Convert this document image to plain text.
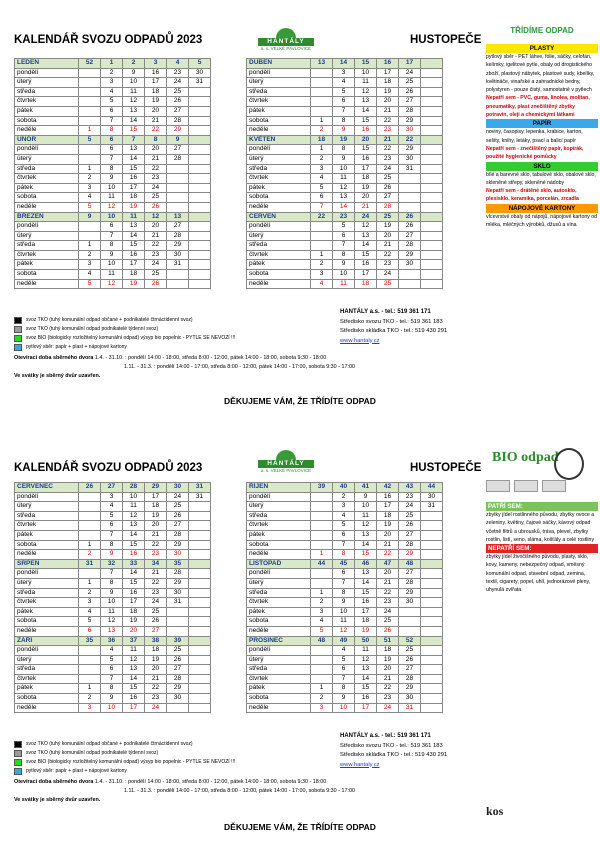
KALENDÁŘ SVOZU ODPADŮ 2023	HANTÁLY
a. s. VELKÉ PAVLOVICE
HUSTOPEČE
TŘÍDÍME ODPAD
LEDEN	52	1	2	3	4	5
pondělí		2	9	16	23	30
úterý		3	10	17	24	31
středa		4	11	18	25	
čtvrtek		5	12	19	26	
pátek		6	13	20	27	
sobota		7	14	21	28	
neděle	1	8	15	22	29	
ÚNOR	5	6	7	8	9	
pondělí		6	13	20	27	
úterý		7	14	21	28	
středa	1	8	15	22		
čtvrtek	2	9	16	23		
pátek	3	10	17	24		
sobota	4	11	18	25		
neděle	5	12	19	26		
BŘEZEN	9	10	11	12	13	
pondělí		6	13	20	27	
úterý		7	14	21	28	
středa	1	8	15	22	29	
čtvrtek	2	9	16	23	30	
pátek	3	10	17	24	31	
sobota	4	11	18	25		
neděle	5	12	19	26		
DUBEN	13	14	15	16	17	
pondělí		3	10	17	24	
úterý		4	11	18	25	
středa		5	12	19	26	
čtvrtek		6	13	20	27	
pátek		7	14	21	28	
sobota	1	8	15	22	29	
neděle	2	9	16	23	30	
KVĚTEN	18	19	20	21	22	
pondělí	1	8	15	22	29	
úterý	2	9	16	23	30	
středa	3	10	17	24	31	
čtvrtek	4	11	18	25		
pátek	5	12	19	26		
sobota	6	13	20	27		
neděle	7	14	21	28		
ČERVEN	22	23	24	25	26	
pondělí		5	12	19	26	
úterý		6	13	20	27	
středa		7	14	21	28	
čtvrtek	1	8	15	22	29	
pátek	2	9	16	23	30	
sobota	3	10	17	24		
neděle	4	11	18	25		
PLASTY
pytlový sběr - PET láhve, fólie, sáčky, celofán, kelímky, igelitové pytle, obaly od drogistického zboží, plastový nábytek, plastové sudy, kbelíky, květináče, vinařské a zahradnické bedny, polystyren - pouze čistý, samostatně v pytlech
Nepatří sem - PVC, guma, linolea, molitan, pneumatiky, plast znečištěný zbytky potravin, oleji a chemickými látkami
PAPÍR
noviny, časopisy, lepenka, krabice, karton, sešity, knihy, letáky, psací a balicí papír
Nepatří sem - znečištěný papír, kopírák, použité hygienické pomůcky
SKLO
bílé a barevné sklo, tabulové sklo, obalové sklo, skleněné střepy, skleněné nádoby
Nepatří sem - drátěné sklo, autosklo, plexisklo, keramika, porcelán, zrcadla
NÁPOJOVÉ KARTONY
vícevrstvé obaly od nápojů, nápojové kartony od mléka, mléčných výrobků, džusů a vína
svoz TKO (tuhý komunální odpad občané + podnikatelé čtrnáctidenní svoz)
svoz TKO (tuhý komunální odpad podnikatelé týdenní svoz)
svoz BIO (biologicky rozložitelný komunální odpad) výsyp bio popelnic - PYTLE SE NEVOZÍ !!!
pytlový sběr: papír + plast + nápojové kartony
HANTÁLY a.s. - tel.: 519 361 171
Středisko svozu TKO - tel.: 519 361 183
Středisko skládka TKO - tel.: 519 430 291
www.hantaly.cz
Otevírací doba sběrného dvora 1.4. - 31.10. : pondělí 14:00 - 18:00, středa 8:00 - 12:00, pátek 14:00 - 18:00, sobota 9:30 - 18:00
1.11. - 31.3. : pondělí 14:00 - 17:00, středa 8:00 - 12:00, pátek 14:00 - 17:00, sobota 9:30 - 17:00
Ve svátky je sběrný dvůr uzavřen.
DĚKUJEME VÁM, ŽE TŘÍDÍTE ODPAD
KALENDÁŘ SVOZU ODPADŮ 2023	HANTÁLY
a. s. VELKÉ PAVLOVICE	HUSTOPEČE
BIO odpad
ČERVENEC	26	27	28	29	30	31
pondělí		3	10	17	24	31
úterý		4	11	18	25	
středa		5	12	19	26	
čtvrtek		6	13	20	27	
pátek		7	14	21	28	
sobota	1	8	15	22	29	
neděle	2	9	16	23	30	
SRPEN	31	32	33	34	35	
pondělí		7	14	21	28	
úterý	1	8	15	22	29	
středa	2	9	16	23	30	
čtvrtek	3	10	17	24	31	
pátek	4	11	18	25		
sobota	5	12	19	26		
neděle	6	13	20	27		
ZÁŘÍ	35	36	37	38	39	
pondělí		4	11	18	25	
úterý		5	12	19	26	
středa		6	13	20	27	
čtvrtek		7	14	21	28	
pátek	1	8	15	22	29	
sobota	2	9	16	23	30	
neděle	3	10	17	24		
ŘÍJEN	39	40	41	42	43	44
pondělí		2	9	16	23	30
úterý		3	10	17	24	31
středa		4	11	18	25	
čtvrtek		5	12	19	26	
pátek		6	13	20	27	
sobota		7	14	21	28	
neděle	1	8	15	22	29	
LISTOPAD	44	45	46	47	48	
pondělí		6	13	20	27	
úterý		7	14	21	28	
středa	1	8	15	22	29	
čtvrtek	2	9	16	23	30	
pátek	3	10	17	24		
sobota	4	11	18	25		
neděle	5	12	19	26		
PROSINEC	48	49	50	51	52	
pondělí		4	11	18	25	
úterý		5	12	19	26	
středa		6	13	20	27	
čtvrtek		7	14	21	28	
pátek	1	8	15	22	29	
sobota	2	9	16	23	30	
neděle	3	10	17	24	31	
PATŘÍ SEM:
zbytky jídel rostlinného původu, zbytky ovoce a zeleniny, květiny, čajové sáčky, kávový odpad včetně filtrů a ubrousků, tráva, plevel, zbytky rostlin, listí, seno, sláma, košťály a celé rostliny
NEPATŘÍ SEM:
zbytky jídel živočišného původu, plasty, sklo, kovy, kameny, nebezpečný odpad, směsný komunální odpad, stavební odpad, zemina, textil, cigarety, popel, uhlí, jednorázové pleny, uhynulá zvířata
kos
svoz TKO (tuhý komunální odpad občané + podnikatelé čtrnáctidenní svoz)
svoz TKO (tuhý komunální odpad podnikatelé týdenní svoz)
svoz BIO (biologicky rozložitelný komunální odpad) výsyp bio popelnic - PYTLE SE NEVOZÍ !!!
pytlový sběr: papír + plast + nápojové kartony
HANTÁLY a.s. - tel.: 519 361 171
Středisko svozu TKO - tel.: 519 361 183
Středisko skládka TKO - tel.: 519 430 291
www.hantaly.cz
Otevírací doba sběrného dvora 1.4. - 31.10. : pondělí 14:00 - 18:00, středa 8:00 - 12:00, pátek 14:00 - 18:00, sobota 9:30 - 18:00
1.11. - 31.3. : pondělí 14:00 - 17:00, středa 8:00 - 12:00, pátek 14:00 - 17:00, sobota 9:30 - 17:00
Ve svátky je sběrný dvůr uzavřen.
DĚKUJEME VÁM, ŽE TŘÍDÍTE ODPAD
